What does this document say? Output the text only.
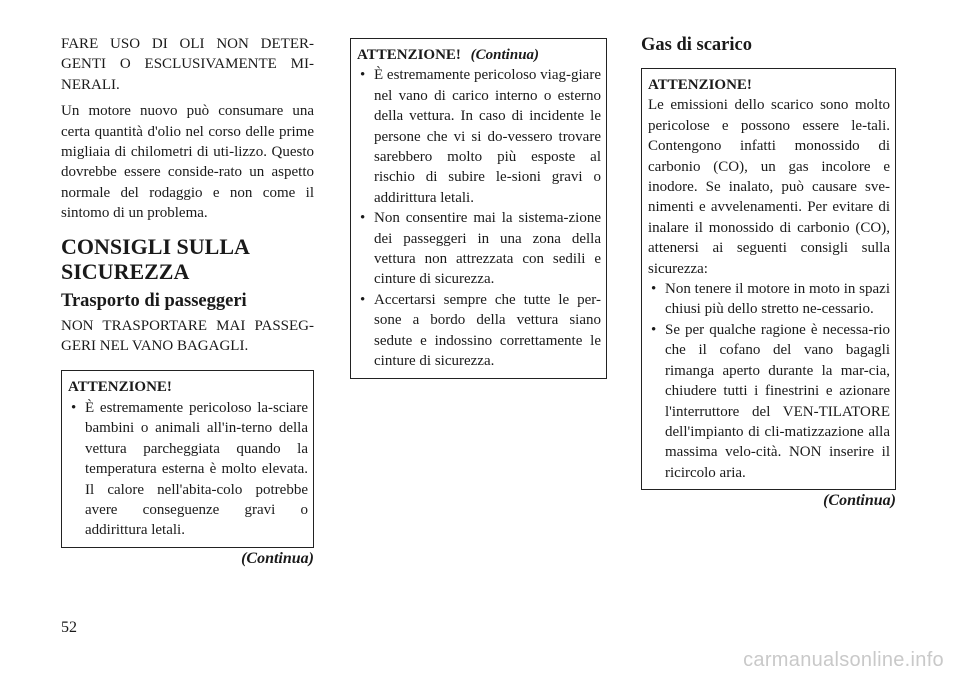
FARE USO DI OLI NON DETER-GENTI O ESCLUSIVAMENTE MI-NERALI.

Un motore nuovo può consumare una certa quantità d'olio nel corso delle prime migliaia di chilometri di uti-lizzo. Questo dovrebbe essere conside-rato un aspetto normale del rodaggio e non come il sintomo di un problema.

CONSIGLI SULLA SICUREZZA
Trasporto di passeggeri

NON TRASPORTARE MAI PASSEG-GERI NEL VANO BAGAGLI.

ATTENZIONE!
• È estremamente pericoloso la-sciare bambini o animali all'in-terno della vettura parcheggiata quando la temperatura esterna è molto elevata. Il calore nell'abita-colo potrebbe avere conseguenze gravi o addirittura letali.
(Continua)
ATTENZIONE! (Continua)
• È estremamente pericoloso viag-giare nel vano di carico interno o esterno della vettura. In caso di incidente le persone che vi si do-vessero trovare sarebbero molto più esposte al rischio di subire le-sioni gravi o addirittura letali.
• Non consentire mai la sistema-zione dei passeggeri in una zona della vettura non attrezzata con sedili e cinture di sicurezza.
• Accertarsi sempre che tutte le per-sone a bordo della vettura siano sedute e indossino correttamente le cinture di sicurezza.
Gas di scarico
ATTENZIONE!

Le emissioni dello scarico sono molto pericolose e possono essere le-tali. Contengono infatti monossido di carbonio (CO), un gas incolore e inodore. Se inalato, può causare sve-nimenti e avvelenamenti. Per evitare di inalare il monossido di carbonio (CO), attenersi ai seguenti consigli sulla sicurezza:

• Non tenere il motore in moto in spazi chiusi più dello stretto ne-cessario.
• Se per qualche ragione è necessa-rio che il cofano del vano bagagli rimanga aperto durante la mar-cia, chiudere tutti i finestrini e azionare l'interruttore del VEN-TILATORE dell'impianto di cli-matizzazione alla massima velo-cità. NON inserire il ricircolo aria.
(Continua)
52
carmanualsonline.info
